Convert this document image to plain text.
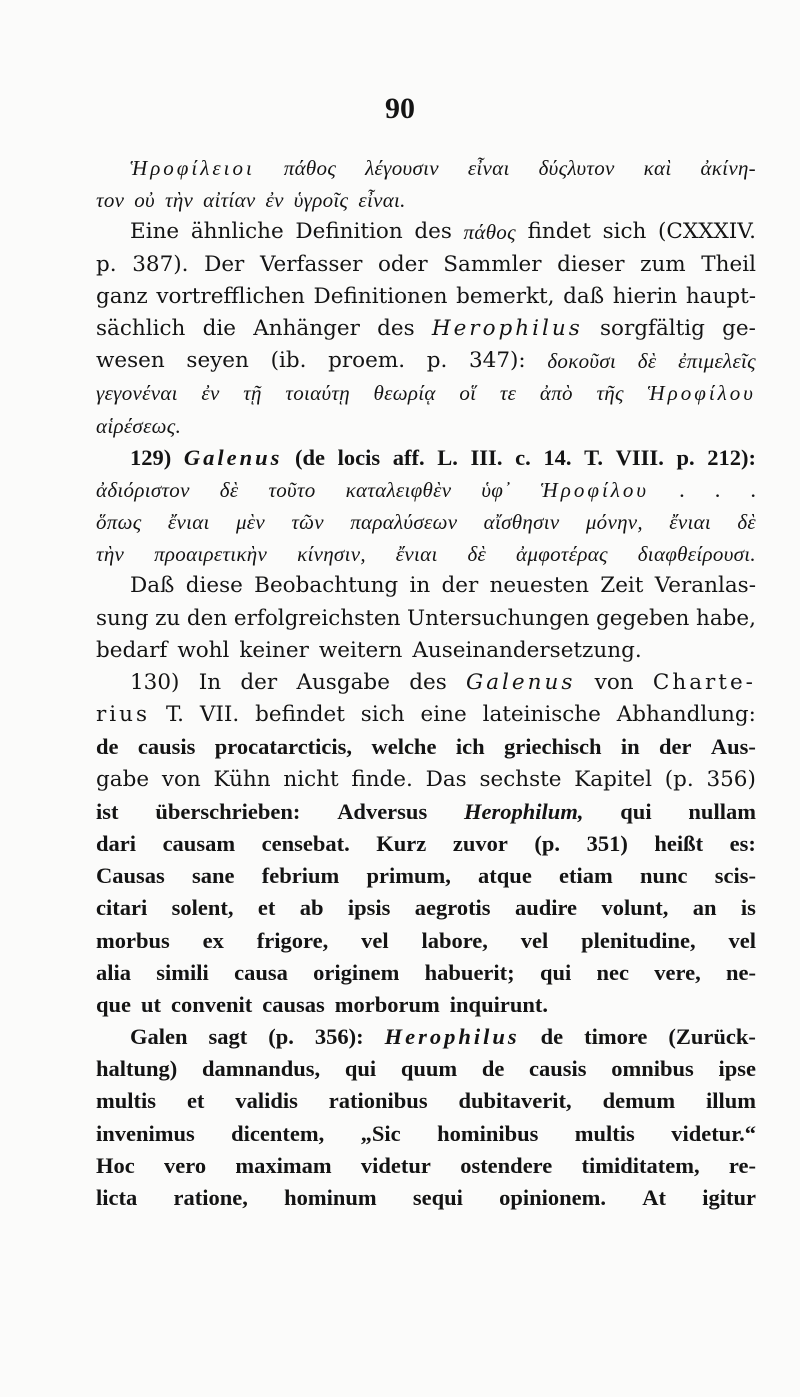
90
Ἡροφίλειοι πάθος λέγουσιν εἶναι δύςλυτον καὶ ἀκίνη-
τον οὐ τὴν αἰτίαν ἐν ὑγροῖς εἶναι.
Eine ähnliche Definition des πάθος findet sich (CXXXIV.
p. 387). Der Verfasser oder Sammler dieser zum Theil
ganz vortrefflichen Definitionen bemerkt, daß hierin haupt-
sächlich die Anhänger des Herophilus sorgfältig ge-
wesen seyen (ib. proem. p. 347): δοκοῦσι δὲ ἐπιμελεῖς
γεγονέναι ἐν τῇ τοιαύτῃ θεωρίᾳ οἵ τε ἀπὸ τῆς Ἡροφίλου
αἱρέσεως.
129) Galenus (de locis aff. L. III. c. 14. T. VIII. p. 212):
ἀδιόριστον δὲ τοῦτο καταλειφθὲν ὑφ᾽ Ἡροφίλου . . .
ὅπως ἔνιαι μὲν τῶν παραλύσεων αἴσθησιν μόνην, ἔνιαι δὲ
τὴν προαιρετικὴν κίνησιν, ἔνιαι δὲ ἀμφοτέρας διαφθείρουσι.
Daß diese Beobachtung in der neuesten Zeit Veranlas-
sung zu den erfolgreichsten Untersuchungen gegeben habe,
bedarf wohl keiner weitern Auseinandersetzung.
130) In der Ausgabe des Galenus von Charte-
rius T. VII. befindet sich eine lateinische Abhandlung:
de causis procatarcticis, welche ich griechisch in der Aus-
gabe von Kühn nicht finde. Das sechste Kapitel (p. 356)
ist überschrieben: Adversus Herophilum, qui nullam
dari causam censebat. Kurz zuvor (p. 351) heißt es:
Causas sane febrium primum, atque etiam nunc scis-
citari solent, et ab ipsis aegrotis audire volunt, an is
morbus ex frigore, vel labore, vel plenitudine, vel
alia simili causa originem habuerit; qui nec vere, ne-
que ut convenit causas morborum inquirunt.
Galen sagt (p. 356): Herophilus de timore (Zurück-
haltung) damnandus, qui quum de causis omnibus ipse
multis et validis rationibus dubitaverit, demum illum
invenimus dicentem, „Sic hominibus multis videtur.“
Hoc vero maximam videtur ostendere timiditatem, re-
licta ratione, hominum sequi opinionem. At igitur
